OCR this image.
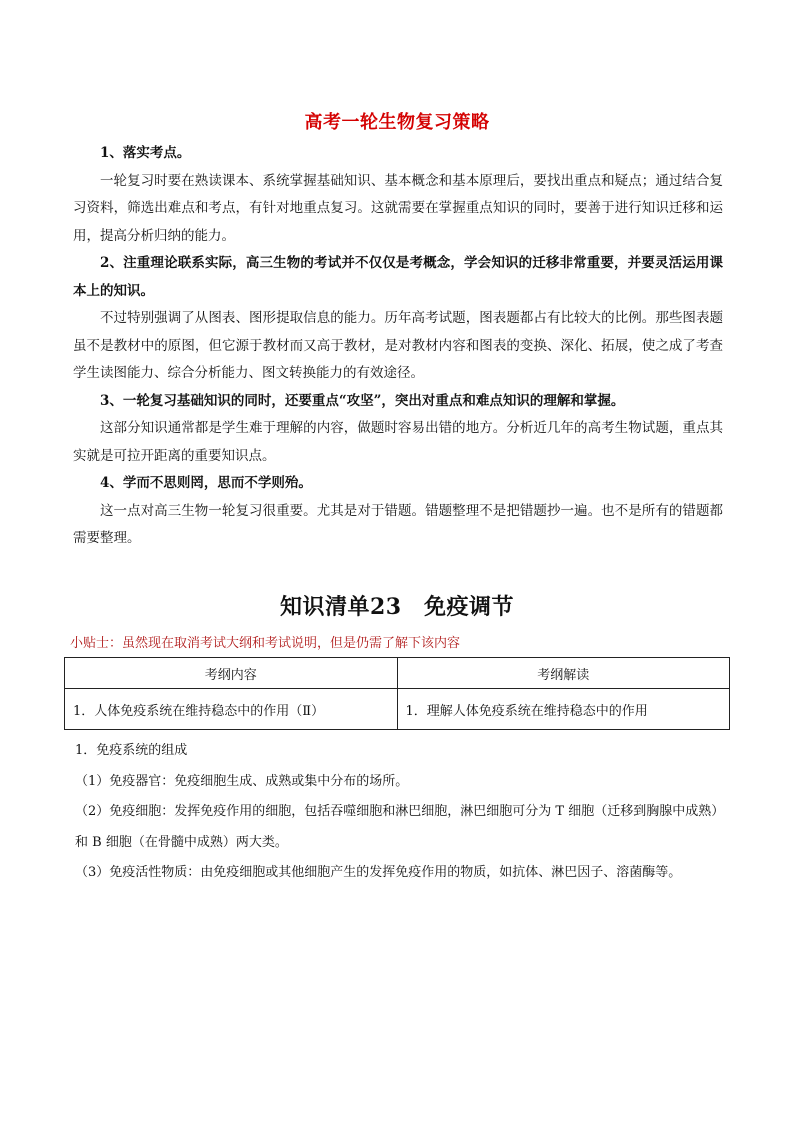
高考一轮生物复习策略

1、落实考点。

一轮复习时要在熟读课本、系统掌握基础知识、基本概念和基本原理后，要找出重点和疑点；通过结合复习资料，筛选出难点和考点，有针对地重点复习。这就需要在掌握重点知识的同时，要善于进行知识迁移和运用，提高分析归纳的能力。

2、注重理论联系实际，高三生物的考试并不仅仅是考概念，学会知识的迁移非常重要，并要灵活运用课本上的知识。

不过特别强调了从图表、图形提取信息的能力。历年高考试题，图表题都占有比较大的比例。那些图表题虽不是教材中的原图，但它源于教材而又高于教材，是对教材内容和图表的变换、深化、拓展，使之成了考查学生读图能力、综合分析能力、图文转换能力的有效途径。

3、一轮复习基础知识的同时，还要重点“攻坚”，突出对重点和难点知识的理解和掌握。

这部分知识通常都是学生难于理解的内容，做题时容易出错的地方。分析近几年的高考生物试题，重点其实就是可拉开距离的重要知识点。

4、学而不思则罔，思而不学则殆。

这一点对高三生物一轮复习很重要。尤其是对于错题。错题整理不是把错题抄一遍。也不是所有的错题都需要整理。

知识清单23　免疫调节
小贴士：虽然现在取消考试大纲和考试说明，但是仍需了解下该内容
考纲内容	考纲解读
1．人体免疫系统在维持稳态中的作用（Ⅱ）	1．理解人体免疫系统在维持稳态中的作用

1．免疫系统的组成

（1）免疫器官：免疫细胞生成、成熟或集中分布的场所。

（2）免疫细胞：发挥免疫作用的细胞，包括吞噬细胞和淋巴细胞，淋巴细胞可分为 T 细胞（迁移到胸腺中成熟）和 B 细胞（在骨髓中成熟）两大类。

（3）免疫活性物质：由免疫细胞或其他细胞产生的发挥免疫作用的物质，如抗体、淋巴因子、溶菌酶等。
